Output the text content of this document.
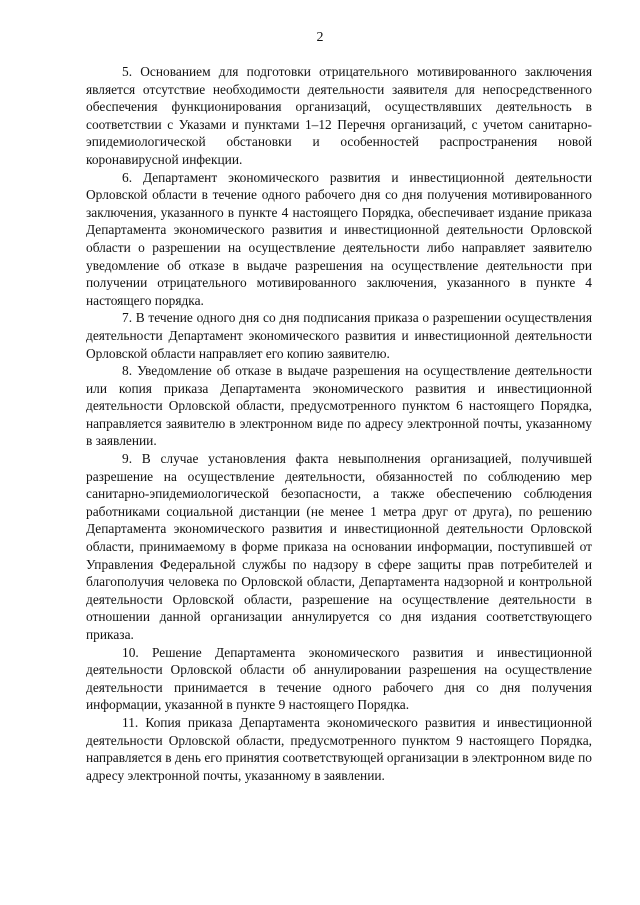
2

5. Основанием для подготовки отрицательного мотивированного заключения является отсутствие необходимости деятельности заявителя для непосредственного обеспечения функционирования организаций, осуществлявших деятельность в соответствии с Указами и пунктами 1–12 Перечня организаций, с учетом санитарно-эпидемиологической обстановки и особенностей распространения новой коронавирусной инфекции.

6. Департамент экономического развития и инвестиционной деятельности Орловской области в течение одного рабочего дня со дня получения мотивированного заключения, указанного в пункте 4 настоящего Порядка, обеспечивает издание приказа Департамента экономического развития и инвестиционной деятельности Орловской области о разрешении на осуществление деятельности либо направляет заявителю уведомление об отказе в выдаче разрешения на осуществление деятельности при получении отрицательного мотивированного заключения, указанного в пункте 4 настоящего порядка.

7. В течение одного дня со дня подписания приказа о разрешении осуществления деятельности Департамент экономического развития и инвестиционной деятельности Орловской области направляет его копию заявителю.

8. Уведомление об отказе в выдаче разрешения на осуществление деятельности или копия приказа Департамента экономического развития и инвестиционной деятельности Орловской области, предусмотренного пунктом 6 настоящего Порядка, направляется заявителю в электронном виде по адресу электронной почты, указанному в заявлении.

9. В случае установления факта невыполнения организацией, получившей разрешение на осуществление деятельности, обязанностей по соблюдению мер санитарно-эпидемиологической безопасности, а также обеспечению соблюдения работниками социальной дистанции (не менее 1 метра друг от друга), по решению Департамента экономического развития и инвестиционной деятельности Орловской области, принимаемому в форме приказа на основании информации, поступившей от Управления Федеральной службы по надзору в сфере защиты прав потребителей и благополучия человека по Орловской области, Департамента надзорной и контрольной деятельности Орловской области, разрешение на осуществление деятельности в отношении данной организации аннулируется со дня издания соответствующего приказа.

10. Решение Департамента экономического развития и инвестиционной деятельности Орловской области об аннулировании разрешения на осуществление деятельности принимается в течение одного рабочего дня со дня получения информации, указанной в пункте 9 настоящего Порядка.

11. Копия приказа Департамента экономического развития и инвестиционной деятельности Орловской области, предусмотренного пунктом 9 настоящего Порядка, направляется в день его принятия соответствующей организации в электронном виде по адресу электронной почты, указанному в заявлении.
